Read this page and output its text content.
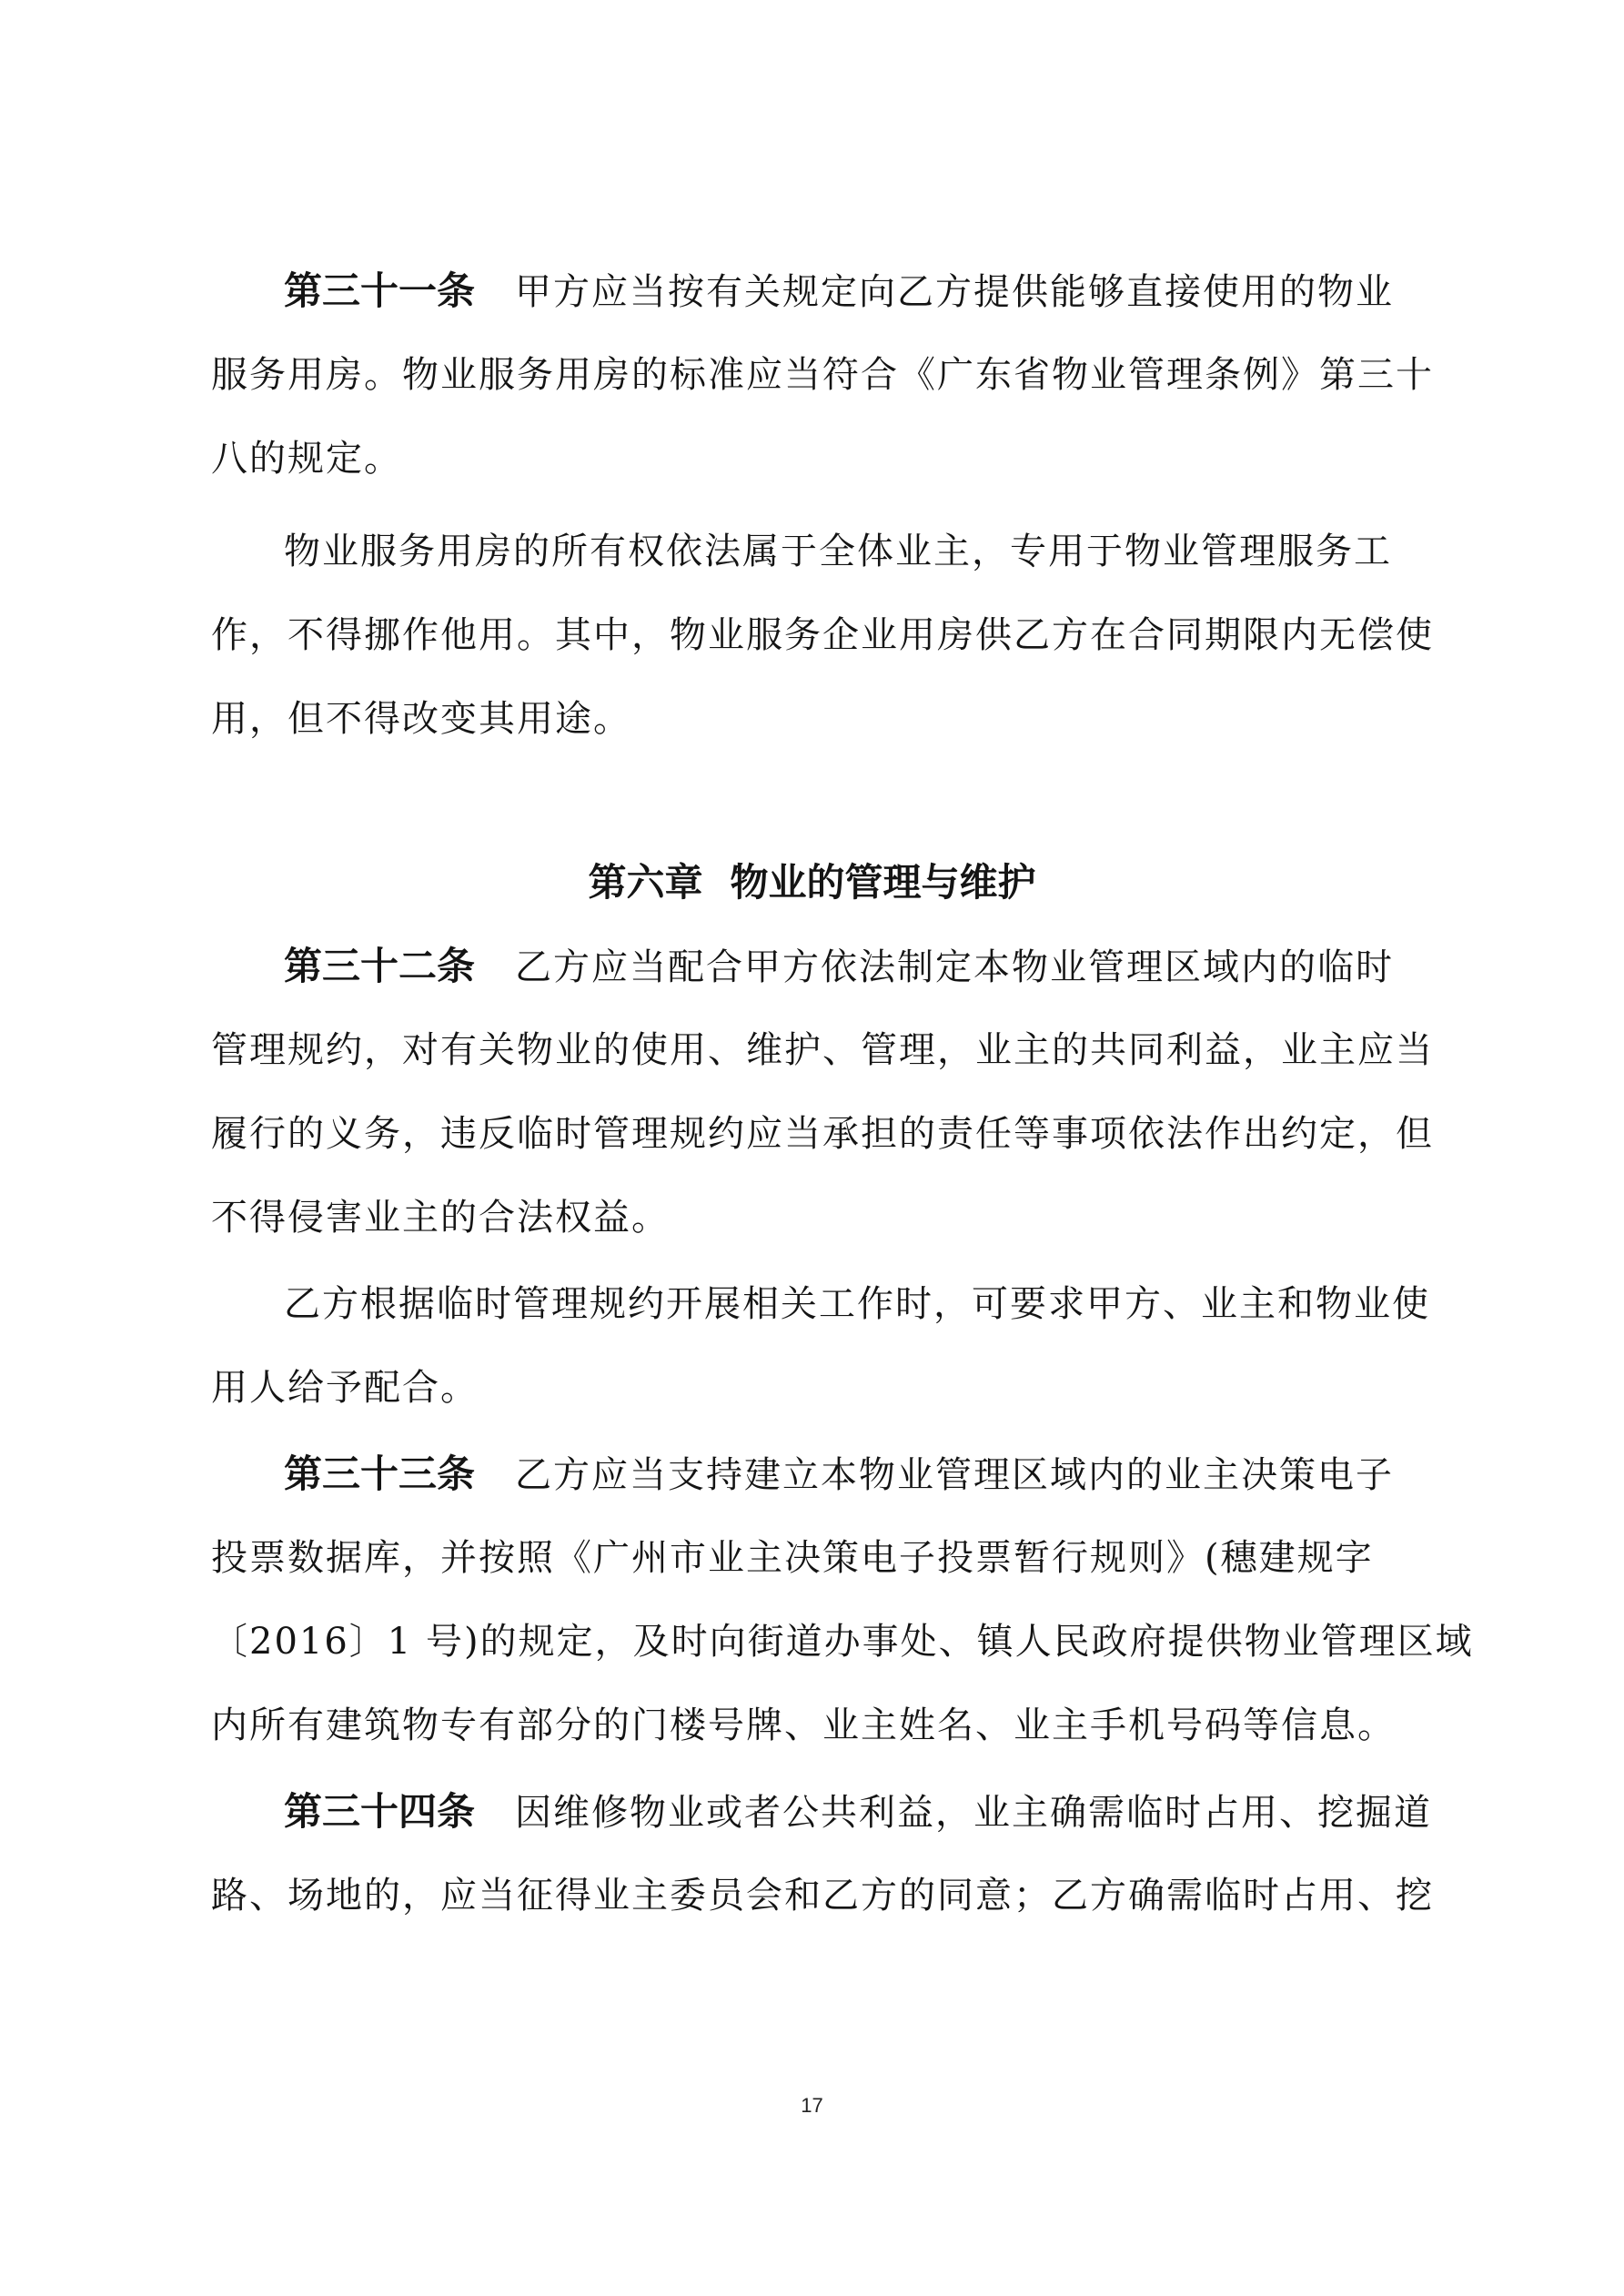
第三十一条 甲方应当按有关规定向乙方提供能够直接使用的物业
服务用房。物业服务用房的标准应当符合《广东省物业管理条例》第三十
八的规定。
物业服务用房的所有权依法属于全体业主，专用于物业管理服务工
作，不得挪作他用。其中，物业服务企业用房供乙方在合同期限内无偿使
用，但不得改变其用途。
第六章 物业的管理与维护
第三十二条 乙方应当配合甲方依法制定本物业管理区域内的临时
管理规约，对有关物业的使用、维护、管理，业主的共同利益，业主应当
履行的义务，违反临时管理规约应当承担的责任等事项依法作出约定，但
不得侵害业主的合法权益。
乙方根据临时管理规约开展相关工作时，可要求甲方、业主和物业使
用人给予配合。
第三十三条 乙方应当支持建立本物业管理区域内的业主决策电子
投票数据库，并按照《广州市业主决策电子投票暂行规则》(穗建规字
〔2016〕1 号)的规定，及时向街道办事处、镇人民政府提供物业管理区域
内所有建筑物专有部分的门楼号牌、业主姓名、业主手机号码等信息。
第三十四条 因维修物业或者公共利益，业主确需临时占用、挖掘道
路、场地的，应当征得业主委员会和乙方的同意；乙方确需临时占用、挖
17
